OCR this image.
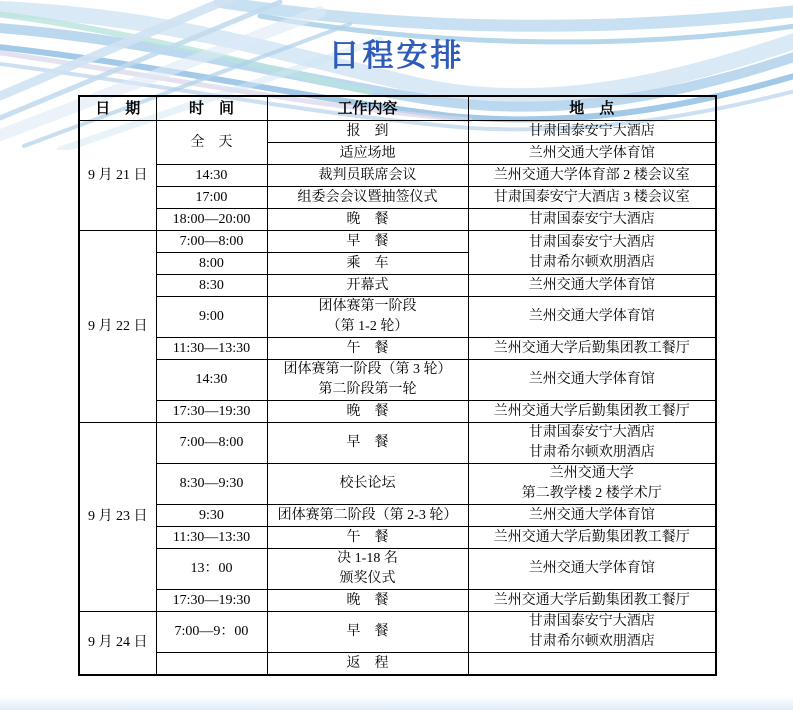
日程安排
日　期	时　间	工作内容	地　点
9 月 21 日	全　天	报　到	甘肃国泰安宁大酒店
		适应场地	兰州交通大学体育馆
	14:30	裁判员联席会议	兰州交通大学体育部 2 楼会议室
	17:00	组委会会议暨抽签仪式	甘肃国泰安宁大酒店 3 楼会议室
	18:00—20:00	晚　餐	甘肃国泰安宁大酒店
9 月 22 日	7:00—8:00	早　餐	甘肃国泰安宁大酒店
甘肃希尔顿欢朋酒店
	8:00	乘　车	
	8:30	开幕式	兰州交通大学体育馆
	9:00	团体赛第一阶段
（第 1-2 轮）	兰州交通大学体育馆
	11:30—13:30	午　餐	兰州交通大学后勤集团教工餐厅
	14:30	团体赛第一阶段（第 3 轮）
第二阶段第一轮	兰州交通大学体育馆
	17:30—19:30	晚　餐	兰州交通大学后勤集团教工餐厅
9 月 23 日	7:00—8:00	早　餐	甘肃国泰安宁大酒店
甘肃希尔顿欢朋酒店
	8:30—9:30	校长论坛	兰州交通大学
第二教学楼 2 楼学术厅
	9:30	团体赛第二阶段（第 2-3 轮）	兰州交通大学体育馆
	11:30—13:30	午　餐	兰州交通大学后勤集团教工餐厅
	13：00	决 1-18 名
颁奖仪式	兰州交通大学体育馆
	17:30—19:30	晚　餐	兰州交通大学后勤集团教工餐厅
9 月 24 日	7:00—9：00	早　餐	甘肃国泰安宁大酒店
甘肃希尔顿欢朋酒店
		返　程	
